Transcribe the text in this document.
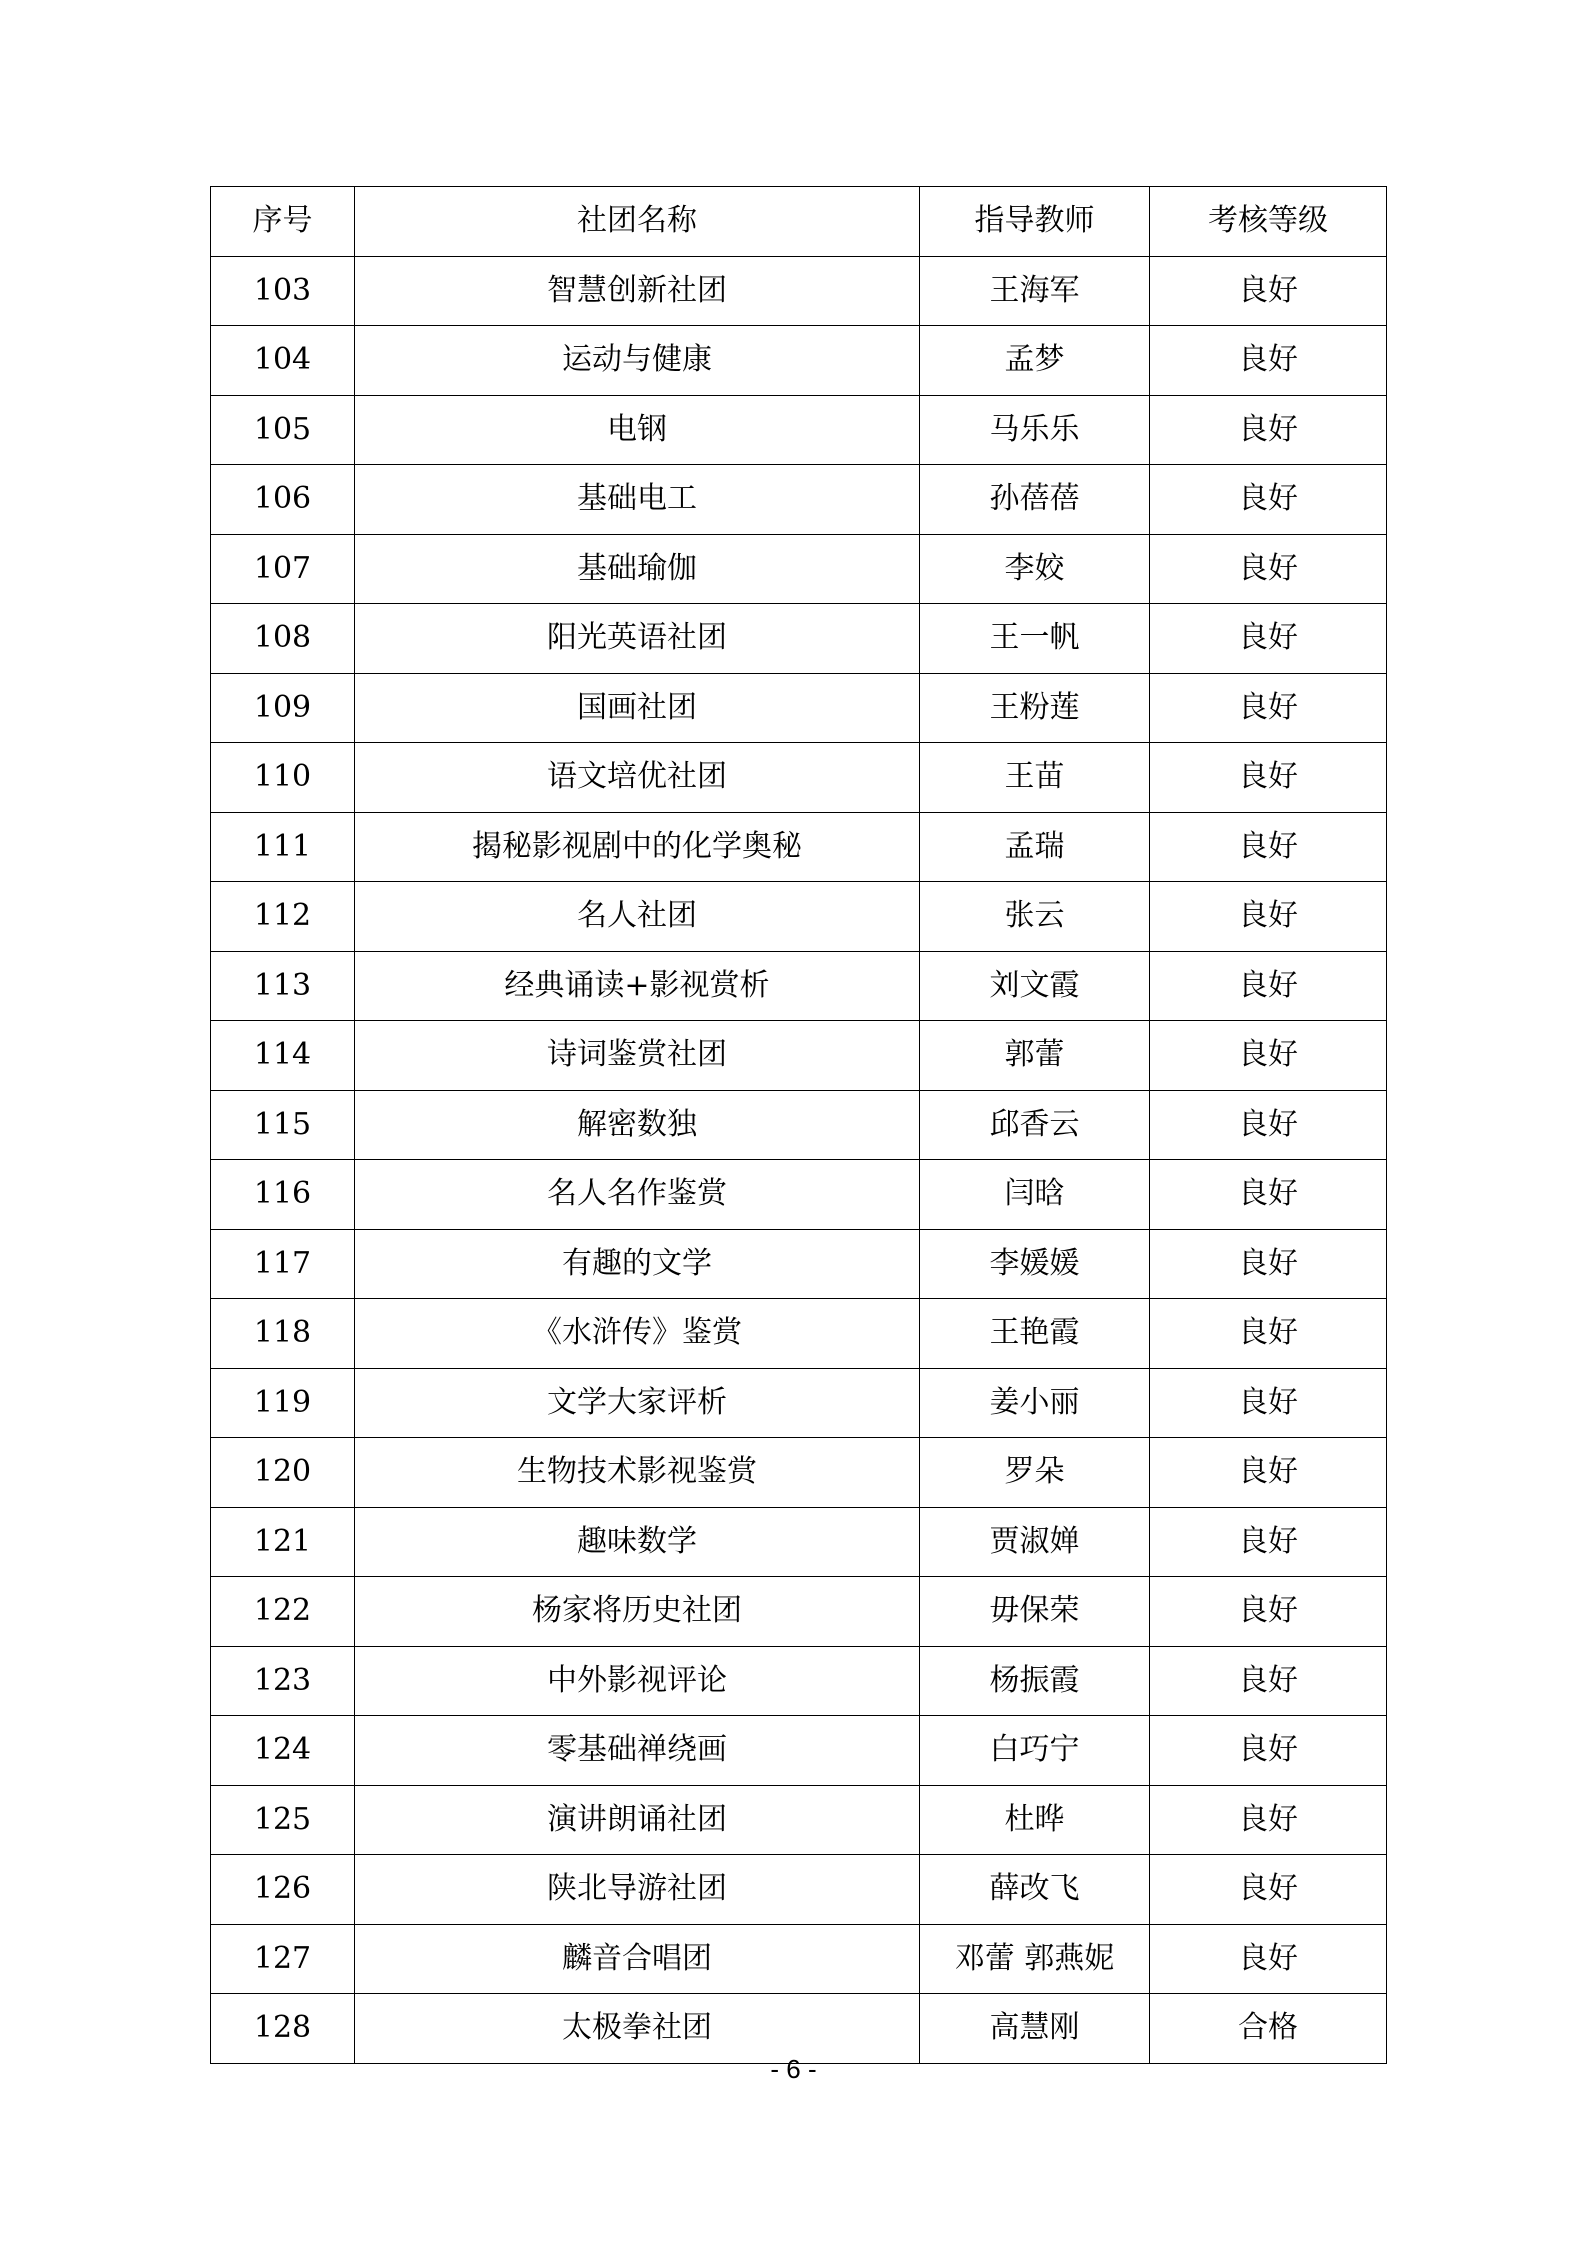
序号	社团名称	指导教师	考核等级
103	智慧创新社团	王海军	良好
104	运动与健康	孟梦	良好
105	电钢	马乐乐	良好
106	基础电工	孙蓓蓓	良好
107	基础瑜伽	李姣	良好
108	阳光英语社团	王一帆	良好
109	国画社团	王粉莲	良好
110	语文培优社团	王苗	良好
111	揭秘影视剧中的化学奥秘	孟瑞	良好
112	名人社团	张云	良好
113	经典诵读+影视赏析	刘文霞	良好
114	诗词鉴赏社团	郭蕾	良好
115	解密数独	邱香云	良好
116	名人名作鉴赏	闫晗	良好
117	有趣的文学	李媛媛	良好
118	《水浒传》鉴赏	王艳霞	良好
119	文学大家评析	姜小丽	良好
120	生物技术影视鉴赏	罗朵	良好
121	趣味数学	贾淑婵	良好
122	杨家将历史社团	毋保荣	良好
123	中外影视评论	杨振霞	良好
124	零基础禅绕画	白巧宁	良好
125	演讲朗诵社团	杜晔	良好
126	陕北导游社团	薛改飞	良好
127	麟音合唱团	邓蕾 郭燕妮	良好
128	太极拳社团	高慧刚	合格
- 6 -
